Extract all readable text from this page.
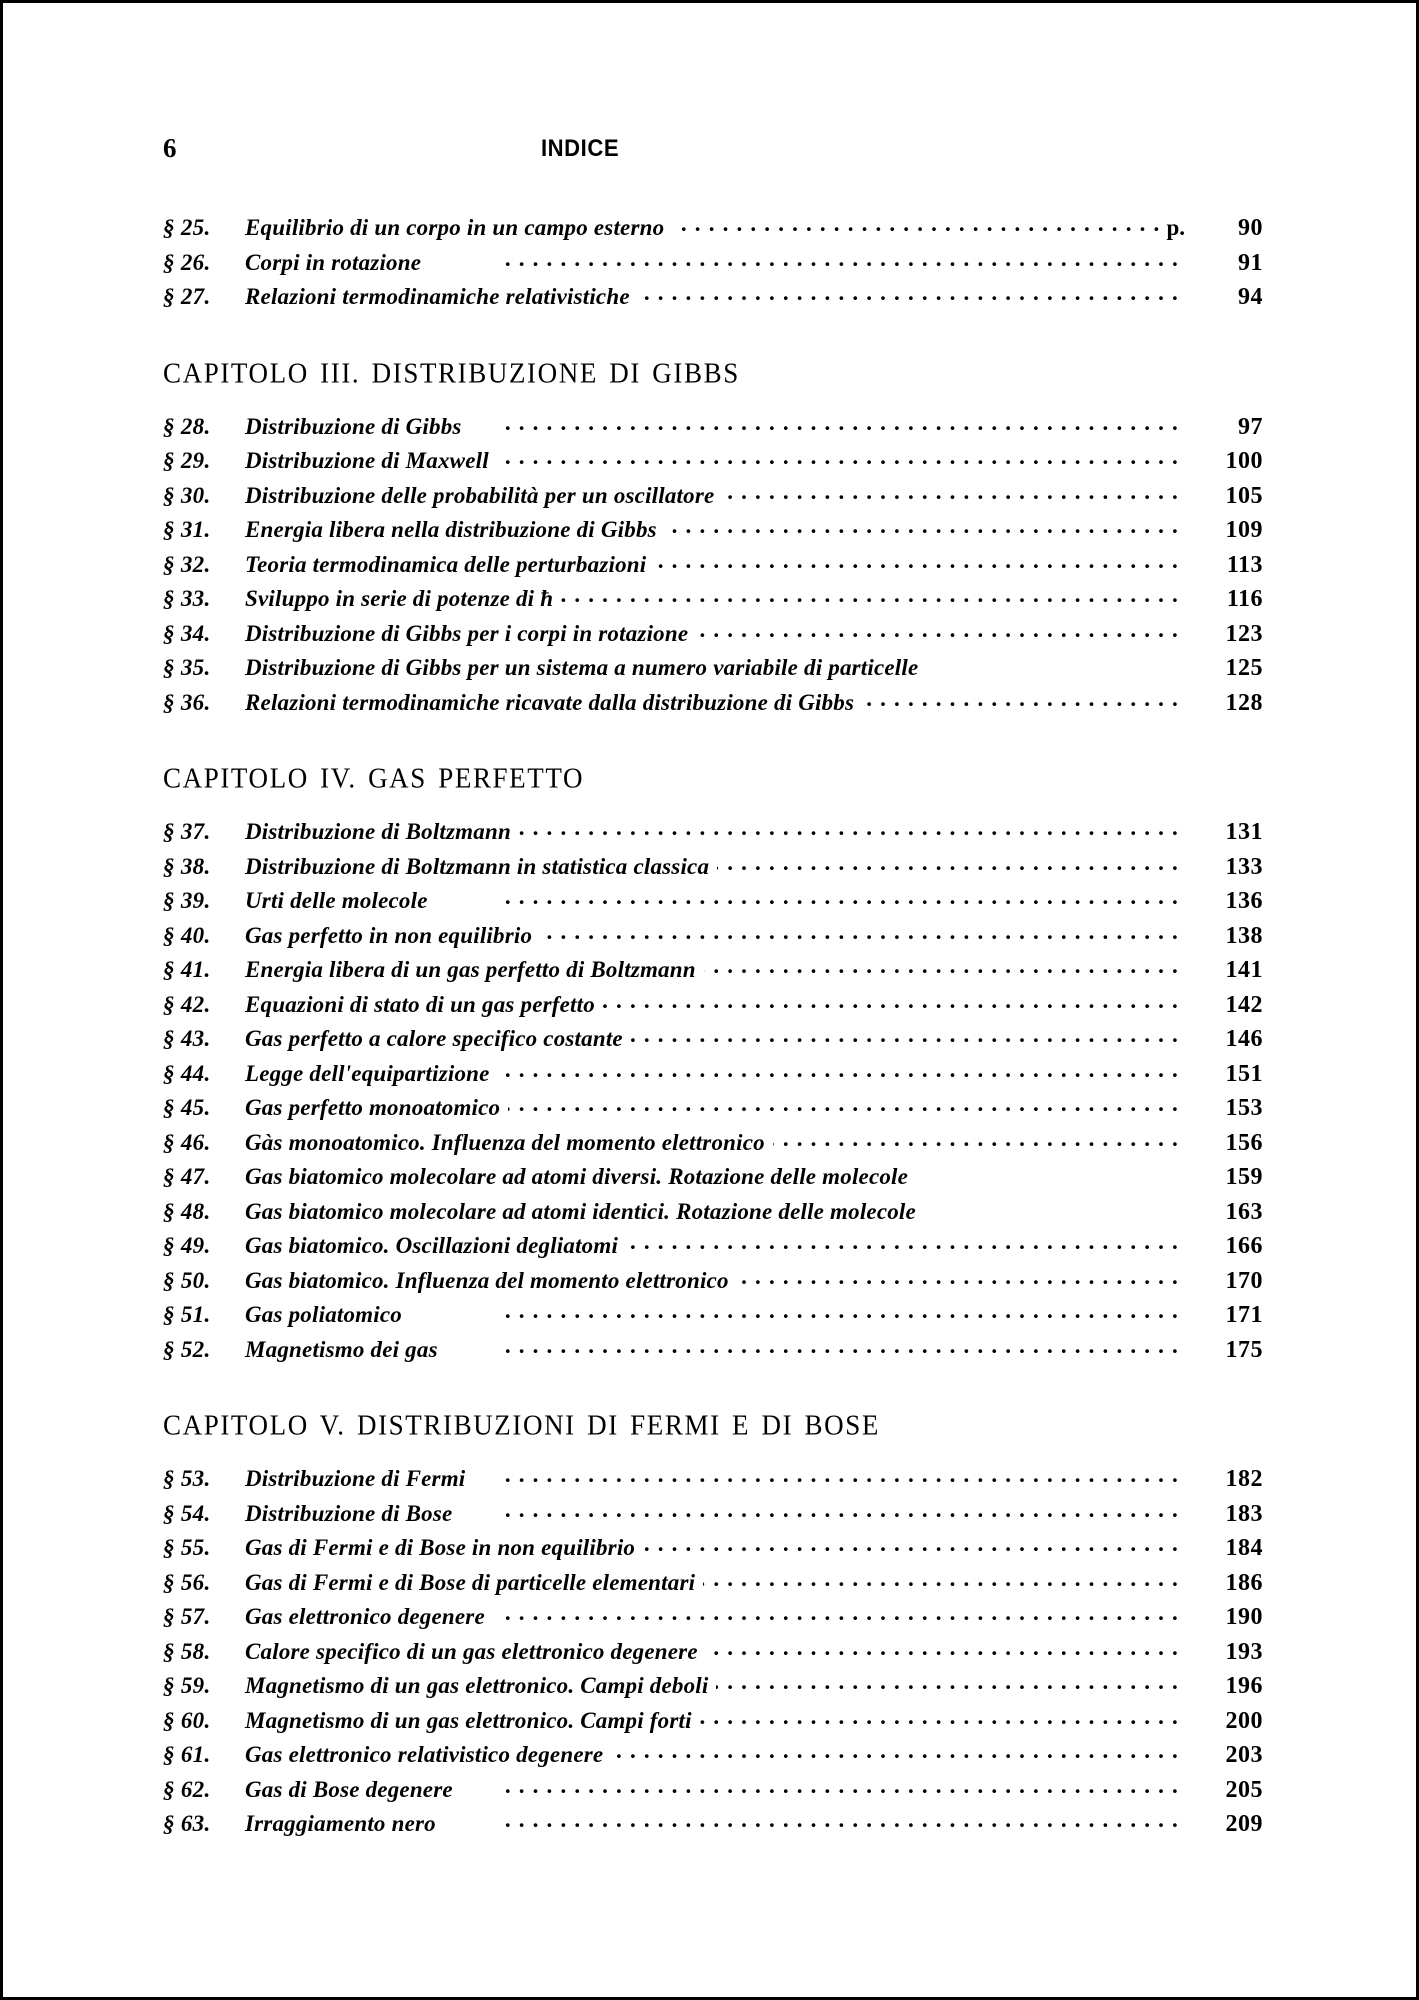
6	INDICE
§ 25.	Equilibrio di un corpo in un campo esterno . . .	p.	90
§ 26.	Corpi in rotazione . . .	91
§ 27.	Relazioni termodinamiche relativistiche . . .	94
CAPITOLO III. DISTRIBUZIONE DI GIBBS
§ 28.	Distribuzione di Gibbs . . .	97
§ 29.	Distribuzione di Maxwell . . .	100
§ 30.	Distribuzione delle probabilità per un oscillatore . . .	105
§ 31.	Energia libera nella distribuzione di Gibbs . . .	109
§ 32.	Teoria termodinamica delle perturbazioni . . .	113
§ 33.	Sviluppo in serie di potenze di ħ . . .	116
§ 34.	Distribuzione di Gibbs per i corpi in rotazione . . .	123
§ 35.	Distribuzione di Gibbs per un sistema a numero variabile di particelle	125
§ 36.	Relazioni termodinamiche ricavate dalla distribuzione di Gibbs . . .	128
CAPITOLO IV. GAS PERFETTO
§ 37.	Distribuzione di Boltzmann . . .	131
§ 38.	Distribuzione di Boltzmann in statistica classica . . .	133
§ 39.	Urti delle molecole . . .	136
§ 40.	Gas perfetto in non equilibrio . . .	138
§ 41.	Energia libera di un gas perfetto di Boltzmann . . .	141
§ 42.	Equazioni di stato di un gas perfetto . . .	142
§ 43.	Gas perfetto a calore specifico costante . . .	146
§ 44.	Legge dell'equipartizione . . .	151
§ 45.	Gas perfetto monoatomico . . .	153
§ 46.	Gàs monoatomico. Influenza del momento elettronico . . .	156
§ 47.	Gas biatomico molecolare ad atomi diversi. Rotazione delle molecole	159
§ 48.	Gas biatomico molecolare ad atomi identici. Rotazione delle molecole	163
§ 49.	Gas biatomico. Oscillazioni degliatomi . . .	166
§ 50.	Gas biatomico. Influenza del momento elettronico . . .	170
§ 51.	Gas poliatomico . . .	171
§ 52.	Magnetismo dei gas . . .	175
CAPITOLO V. DISTRIBUZIONI DI FERMI E DI BOSE
§ 53.	Distribuzione di Fermi . . .	182
§ 54.	Distribuzione di Bose . . .	183
§ 55.	Gas di Fermi e di Bose in non equilibrio . . .	184
§ 56.	Gas di Fermi e di Bose di particelle elementari . . .	186
§ 57.	Gas elettronico degenere . . .	190
§ 58.	Calore specifico di un gas elettronico degenere . . .	193
§ 59.	Magnetismo di un gas elettronico. Campi deboli . . .	196
§ 60.	Magnetismo di un gas elettronico. Campi forti . . .	200
§ 61.	Gas elettronico relativistico degenere . . .	203
§ 62.	Gas di Bose degenere . . .	205
§ 63.	Irraggiamento nero . . .	209
